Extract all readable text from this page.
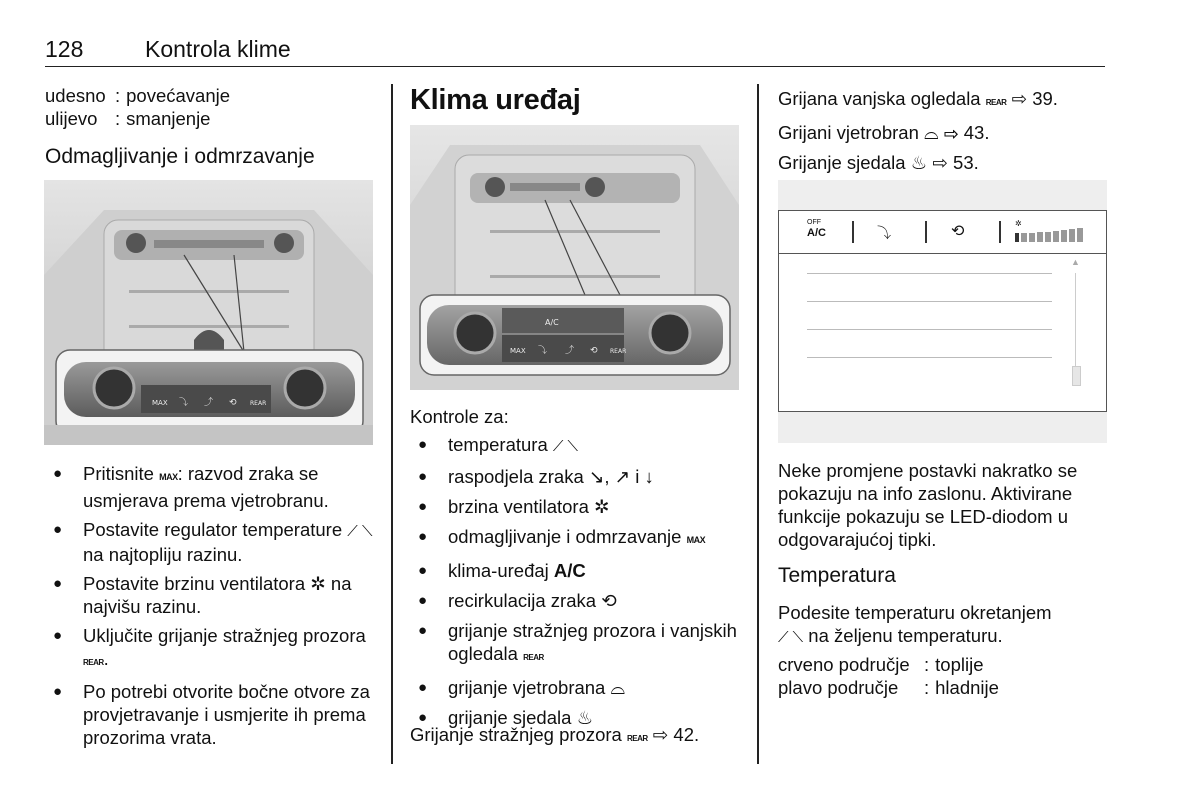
128	Kontrola klime
udesno : povećavanje
ulijevo : smanjenje
Odmagljivanje i odmrzavanje
MAX ⤵ ⤴ ⟲ REAR
● Pritisnite MAX: razvod zraka se usmjerava prema vjetrobranu.
● Postavite regulator temperature ⟋ ⟍ na najtopliju razinu.
● Postavite brzinu ventilatora ✲ na najvišu razinu.
● Uključite grijanje stražnjeg prozora REAR.
● Po potrebi otvorite bočne otvore za provjetravanje i usmjerite ih prema prozorima vrata.
Klima uređaj
A/C
MAX ⤵ ⤴ ⟲ REAR
Kontrole za:
● temperatura ⟋ ⟍
● raspodjela zraka ↘, ↗ i ↓
● brzina ventilatora ✲
● odmagljivanje i odmrzavanje MAX
● klima-uređaj A/C
● recirkulacija zraka ⟲
● grijanje stražnjeg prozora i vanjskih ogledala REAR
● grijanje vjetrobrana ⌓
● grijanje sjedala ♨
Grijanje stražnjeg prozora REAR ⇨ 42.
Grijana vanjska ogledala REAR ⇨ 39.
Grijani vjetrobran ⌓ ⇨ 43.
Grijanje sjedala ♨ ⇨ 53.
OFF
A/C	⤵	⟲	✲
▲
Neke promjene postavki nakratko se pokazuju na info zaslonu. Aktivirane funkcije pokazuju se LED-diodom u odgovarajućoj tipki.
Temperatura
Podesite temperaturu okretanjem
⟋ ⟍ na željenu temperaturu.
crveno područje : toplije
plavo područje	: hladnije
